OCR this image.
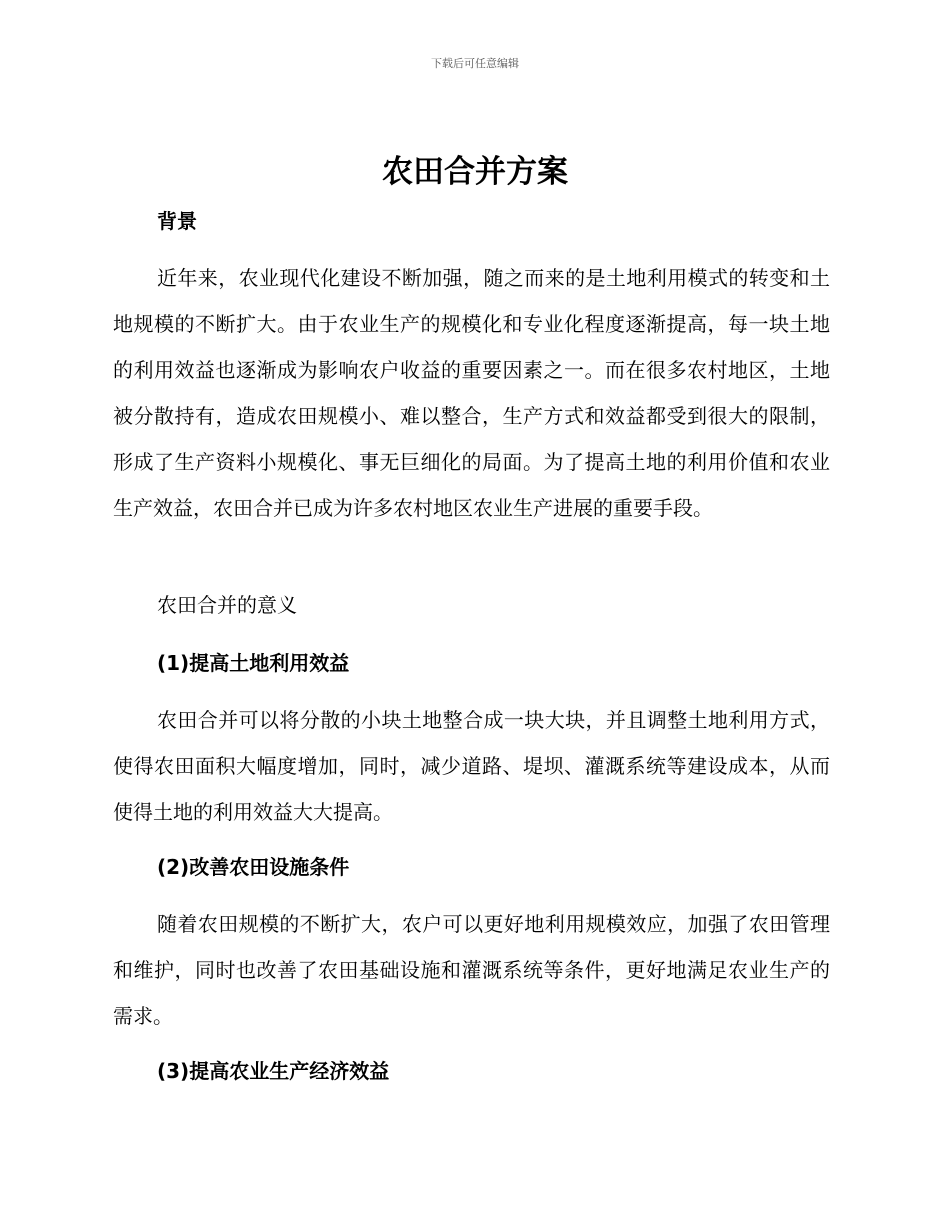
下载后可任意编辑
农田合并方案
背景

近年来，农业现代化建设不断加强，随之而来的是土地利用模式的转变和土地规模的不断扩大。由于农业生产的规模化和专业化程度逐渐提高，每一块土地的利用效益也逐渐成为影响农户收益的重要因素之一。而在很多农村地区，土地被分散持有，造成农田规模小、难以整合，生产方式和效益都受到很大的限制，形成了生产资料小规模化、事无巨细化的局面。为了提高土地的利用价值和农业生产效益，农田合并已成为许多农村地区农业生产进展的重要手段。

农田合并的意义
(1)提高土地利用效益

农田合并可以将分散的小块土地整合成一块大块，并且调整土地利用方式，使得农田面积大幅度增加，同时，减少道路、堤坝、灌溉系统等建设成本，从而使得土地的利用效益大大提高。

(2)改善农田设施条件

随着农田规模的不断扩大，农户可以更好地利用规模效应，加强了农田管理和维护，同时也改善了农田基础设施和灌溉系统等条件，更好地满足农业生产的需求。

(3)提高农业生产经济效益
